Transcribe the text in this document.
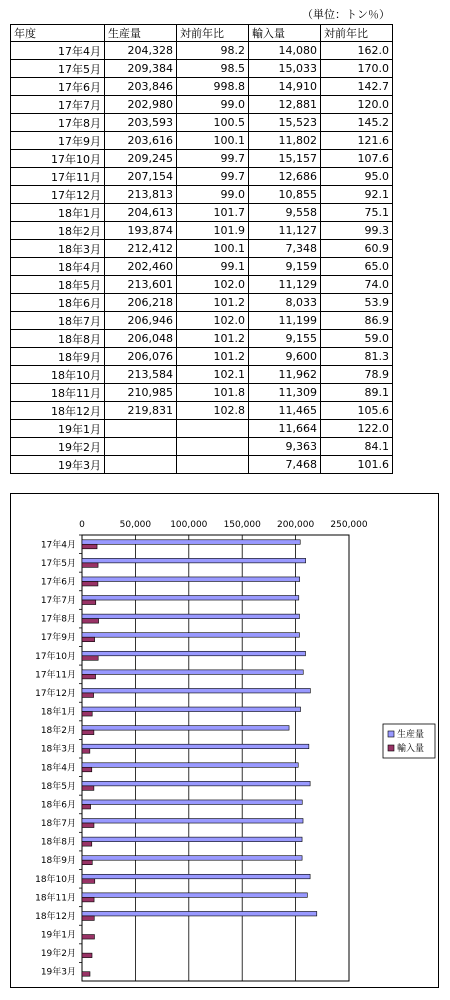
（単位：トン％）
年度	生産量	対前年比	輸入量	対前年比
17年4月	204,328	98.2	14,080	162.0
17年5月	209,384	98.5	15,033	170.0
17年6月	203,846	998.8	14,910	142.7
17年7月	202,980	99.0	12,881	120.0
17年8月	203,593	100.5	15,523	145.2
17年9月	203,616	100.1	11,802	121.6
17年10月	209,245	99.7	15,157	107.6
17年11月	207,154	99.7	12,686	95.0
17年12月	213,813	99.0	10,855	92.1
18年1月	204,613	101.7	9,558	75.1
18年2月	193,874	101.9	11,127	99.3
18年3月	212,412	100.1	7,348	60.9
18年4月	202,460	99.1	9,159	65.0
18年5月	213,601	102.0	11,129	74.0
18年6月	206,218	101.2	8,033	53.9
18年7月	206,946	102.0	11,199	86.9
18年8月	206,048	101.2	9,155	59.0
18年9月	206,076	101.2	9,600	81.3
18年10月	213,584	102.1	11,962	78.9
18年11月	210,985	101.8	11,309	89.1
18年12月	219,831	102.8	11,465	105.6
19年1月			11,664	122.0
19年2月			9,363	84.1
19年3月			7,468	101.6
0	50,000 100,000 150,000 200,000 250,000
17年4月
17年5月
17年6月
17年7月
17年8月
17年9月
17年10月
17年11月
17年12月
18年1月
18年2月
18年3月
18年4月
18年5月
18年6月
18年7月
18年8月
18年9月
18年10月
18年11月
18年12月
19年1月
19年2月
19年3月
生産量
輸入量
